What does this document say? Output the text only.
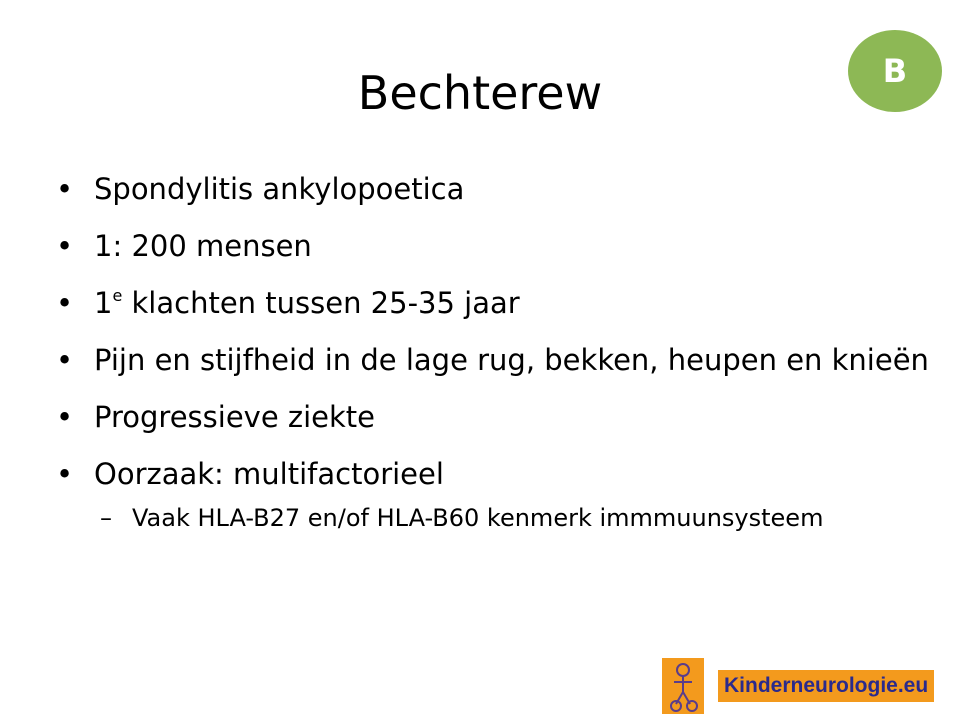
Bechterew	B
• Spondylitis ankylopoetica
• 1: 200 mensen
• 1e klachten tussen 25-35 jaar
• Pijn en stijfheid in de lage rug, bekken, heupen en knieën
• Progressieve ziekte
• Oorzaak: multifactorieel
– Vaak HLA-B27 en/of HLA-B60 kenmerk immmuunsysteem
Kinderneurologie.eu
